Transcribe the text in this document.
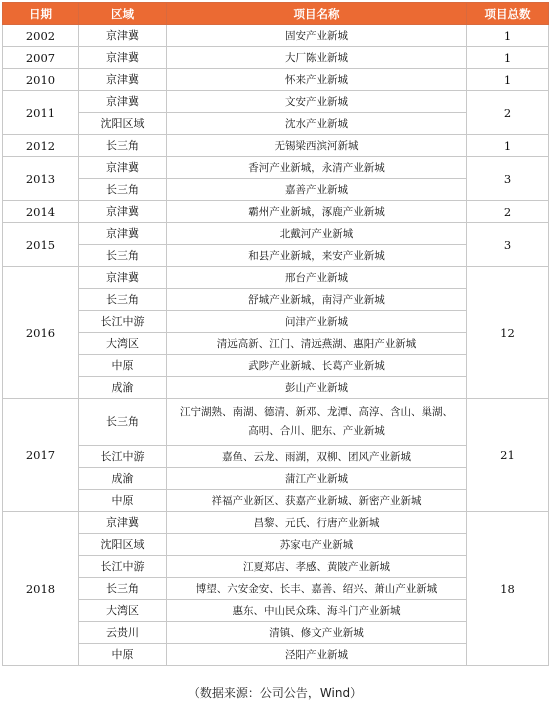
日期	区域	项目名称	项目总数
2002	京津冀	固安产业新城	1
2007	京津冀	大厂陈业新城	1
2010	京津冀	怀来产业新城	1
2011	京津冀	文安产业新城	2
	沈阳区域	沈水产业新城	
2012	长三角	无锡梁西滨河新城	1
2013	京津冀	香河产业新城，永清产业新城	3
	长三角	嘉善产业新城	
2014	京津冀	霸州产业新城，涿鹿产业新城	2
2015	京津冀	北戴河产业新城	3
	长三角	和县产业新城，来安产业新城	
2016	京津冀	邢台产业新城	12
	长三角	舒城产业新城，南浔产业新城	
	长江中游	问津产业新城	
	大湾区	清远高新、江门、清远燕湖、惠阳产业新城	
	中原	武陟产业新城、长葛产业新城	
	成渝	彭山产业新城	
2017	长三角	江宁湖熟、南湖、德清、新邓、龙潭、高淳、含山、巢湖、高明、合川、肥东、产业新城	21
	长江中游	嘉鱼、云龙、雨湖，双柳、团风产业新城	
	成渝	蒲江产业新城	
	中原	祥福产业新区、获嘉产业新城、新密产业新城	
2018	京津冀	昌黎、元氏、行唐产业新城	18
	沈阳区域	苏家屯产业新城	
	长江中游	江夏郑店、孝感、黄陂产业新城	
	长三角	博望、六安金安、长丰、嘉善、绍兴、萧山产业新城	
	大湾区	惠东、中山民众珠、海斗门产业新城	
	云贵川	清镇、修文产业新城	
	中原	泾阳产业新城	
（数据来源：公司公告，Wind）
